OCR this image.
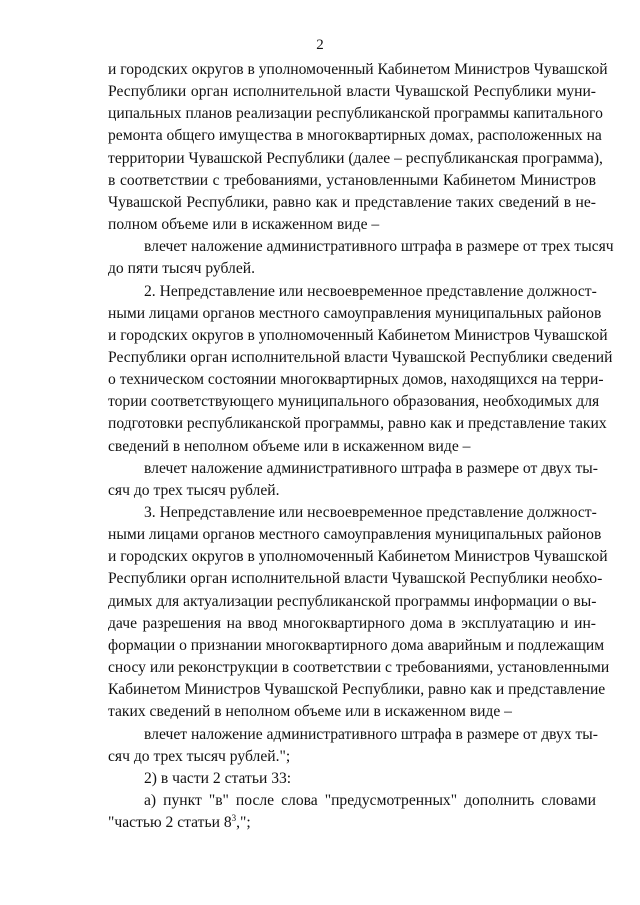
2
и городских округов в уполномоченный Кабинетом Министров Чувашской
Республики орган исполнительной власти Чувашской Республики муни-
ципальных планов реализации республиканской программы капитального
ремонта общего имущества в многоквартирных домах, расположенных на
территории Чувашской Республики (далее – республиканская программа),
в соответствии с требованиями, установленными Кабинетом Министров
Чувашской Республики, равно как и представление таких сведений в не-
полном объеме или в искаженном виде –
влечет наложение административного штрафа в размере от трех тысяч
до пяти тысяч рублей.
2. Непредставление или несвоевременное представление должност-
ными лицами органов местного самоуправления муниципальных районов
и городских округов в уполномоченный Кабинетом Министров Чувашской
Республики орган исполнительной власти Чувашской Республики сведений
о техническом состоянии многоквартирных домов, находящихся на терри-
тории соответствующего муниципального образования, необходимых для
подготовки республиканской программы, равно как и представление таких
сведений в неполном объеме или в искаженном виде –
влечет наложение административного штрафа в размере от двух ты-
сяч до трех тысяч рублей.
3. Непредставление или несвоевременное представление должност-
ными лицами органов местного самоуправления муниципальных районов
и городских округов в уполномоченный Кабинетом Министров Чувашской
Республики орган исполнительной власти Чувашской Республики необхо-
димых для актуализации республиканской программы информации о вы-
даче разрешения на ввод многоквартирного дома в эксплуатацию и ин-
формации о признании многоквартирного дома аварийным и подлежащим
сносу или реконструкции в соответствии с требованиями, установленными
Кабинетом Министров Чувашской Республики, равно как и представление
таких сведений в неполном объеме или в искаженном виде –
влечет наложение административного штрафа в размере от двух ты-
сяч до трех тысяч рублей.";
2) в части 2 статьи 33:
а) пункт "в" после слова "предусмотренных" дополнить словами
"частью 2 статьи $8^3$,";
